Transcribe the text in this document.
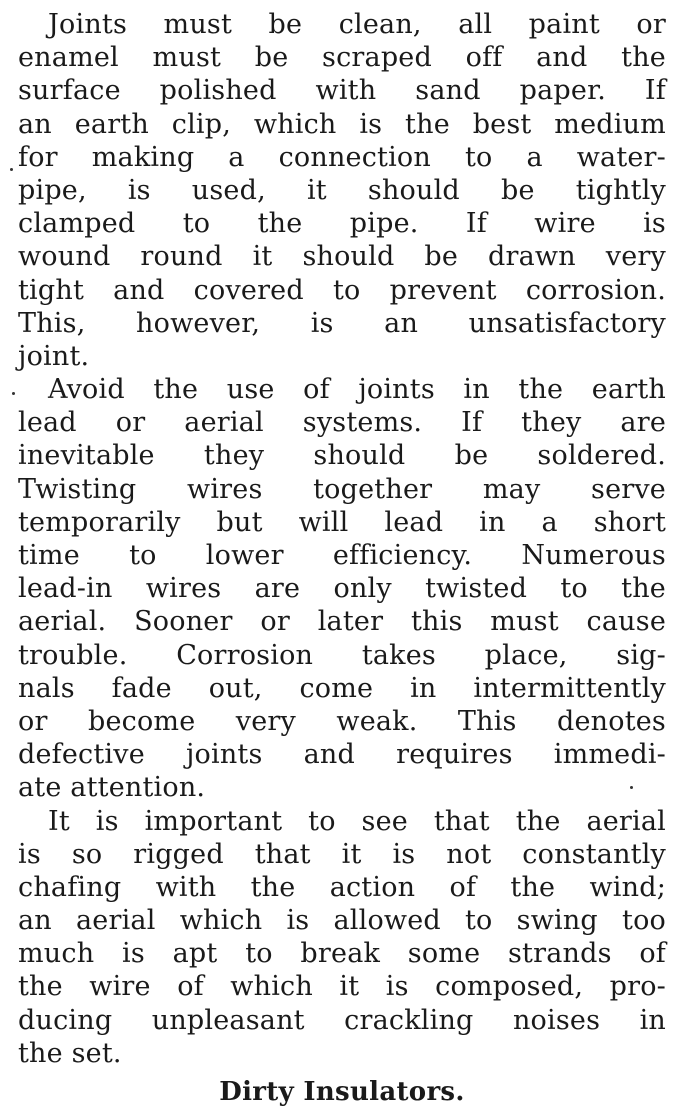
Joints must be clean, all paint or
enamel must be scraped off and the
surface polished with sand paper. If
an earth clip, which is the best medium
for making a connection to a water-
pipe, is used, it should be tightly
clamped to the pipe. If wire is
wound round it should be drawn very
tight and covered to prevent corrosion.
This, however, is an unsatisfactory
joint.
Avoid the use of joints in the earth
lead or aerial systems. If they are
inevitable they should be soldered.
Twisting wires together may serve
temporarily but will lead in a short
time to lower efficiency. Numerous
lead-in wires are only twisted to the
aerial. Sooner or later this must cause
trouble. Corrosion takes place, sig-
nals fade out, come in intermittently
or become very weak. This denotes
defective joints and requires immedi-
ate attention.
It is important to see that the aerial
is so rigged that it is not constantly
chafing with the action of the wind;
an aerial which is allowed to swing too
much is apt to break some strands of
the wire of which it is composed, pro-
ducing unpleasant crackling noises in
the set.
Dirty Insulators.
